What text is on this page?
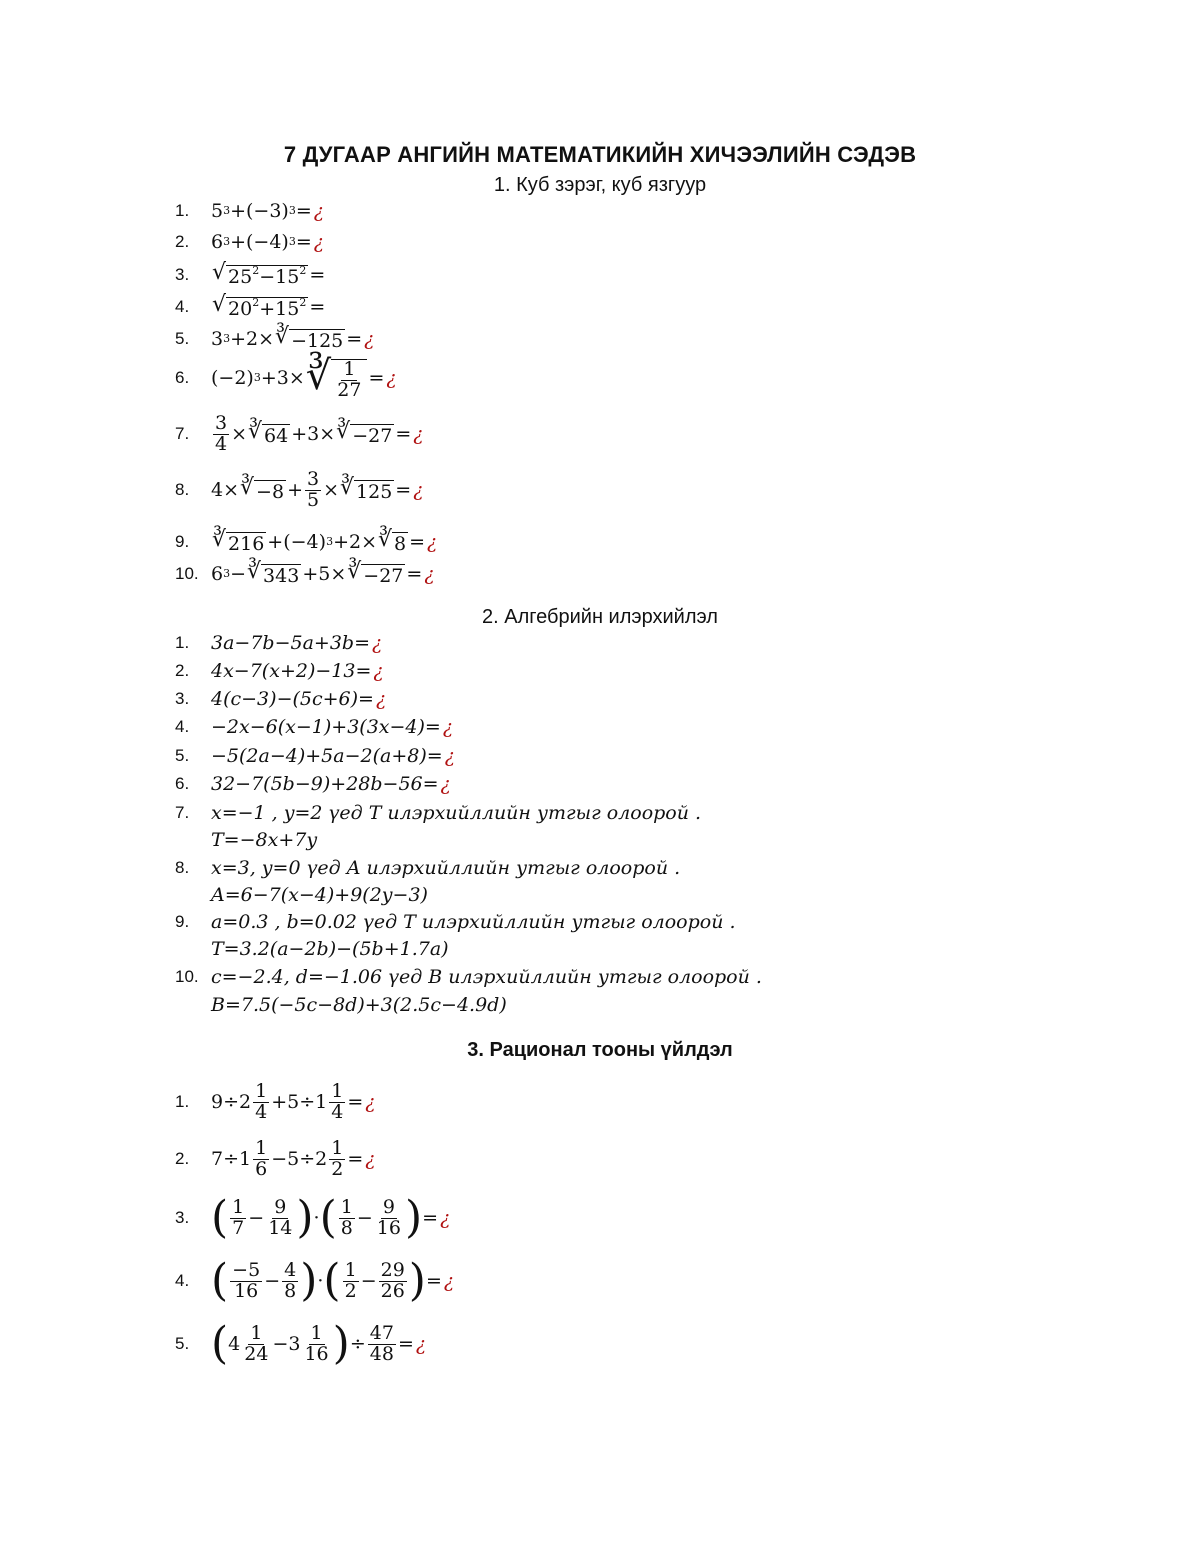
7 ДУГААР АНГИЙН МАТЕМАТИКИЙН ХИЧЭЭЛИЙН СЭДЭВ
1. Куб зэрэг, куб язгуур
1.	5 3 +(−3) 3 = ¿
2.	6 3 +(−4) 3 = ¿
3.	√ $25^2-15^2$ =
4.	√ $20^2+15^2$ =
5.	3 3 +2× ∛ −125 = ¿
6.	(−2) 3 +3× ∛ $\frac{1}{27}$ = ¿
7.	$\frac{3}{4}$ × ∛ 64 +3× ∛ −27 = ¿
8.	4× ∛ $-8 + \frac{3}{5}$ × ∛ 125 = ¿
9.	∛ 216 +(−4) 3 +2× ∛ 8 = ¿
10. 6 3 − ∛ 343 +5× ∛ −27 = ¿
2. Алгебрийн илэрхийлэл
1.	3a−7b−5a+3b= ¿
2.	4x−7(x+2)−13= ¿
3.	4(c−3)−(5c+6)= ¿
4.	−2x−6(x−1)+3(3x−4)= ¿
5.	−5(2a−4)+5a−2(a+8)= ¿
6.	32−7(5b−9)+28b−56= ¿
7.	x=−1 , y=2 үед T илэрхийллийн утгыг олоорой .
T=−8x+7y
8.	x=3, y=0 үед A илэрхийллийн утгыг олоорой .
A=6−7(x−4)+9(2y−3)
9.	a=0.3 , b=0.02 үед T илэрхийллийн утгыг олоорой .
T=3.2(a−2b)−(5b+1.7a)
10. c=−2.4, d=−1.06 үед B илэрхийллийн утгыг олоорой .
B=7.5(−5c−8d)+3(2.5c−4.9d)
3. Рационал тооны үйлдэл
1.	$9\div 2 \frac{1}{4} +5\div 1 \frac{1}{4}$ = ¿
2.	$7\div 1 \frac{1}{6} -5\div 2 \frac{1}{2}$ = ¿
3. ( $\frac{1}{7} - \frac{9}{14}$ ) · ( $\frac{1}{8} - \frac{9}{16}$ ) = ¿
4. ( $\frac{-5}{16} - \frac{4}{8}$ ) · ( $\frac{1}{2} - \frac{29}{26}$ ) = ¿
5. ( $4 \frac{1}{24} -3 \frac{1}{16}$ ) ÷ $\frac{47}{48}$ = ¿
